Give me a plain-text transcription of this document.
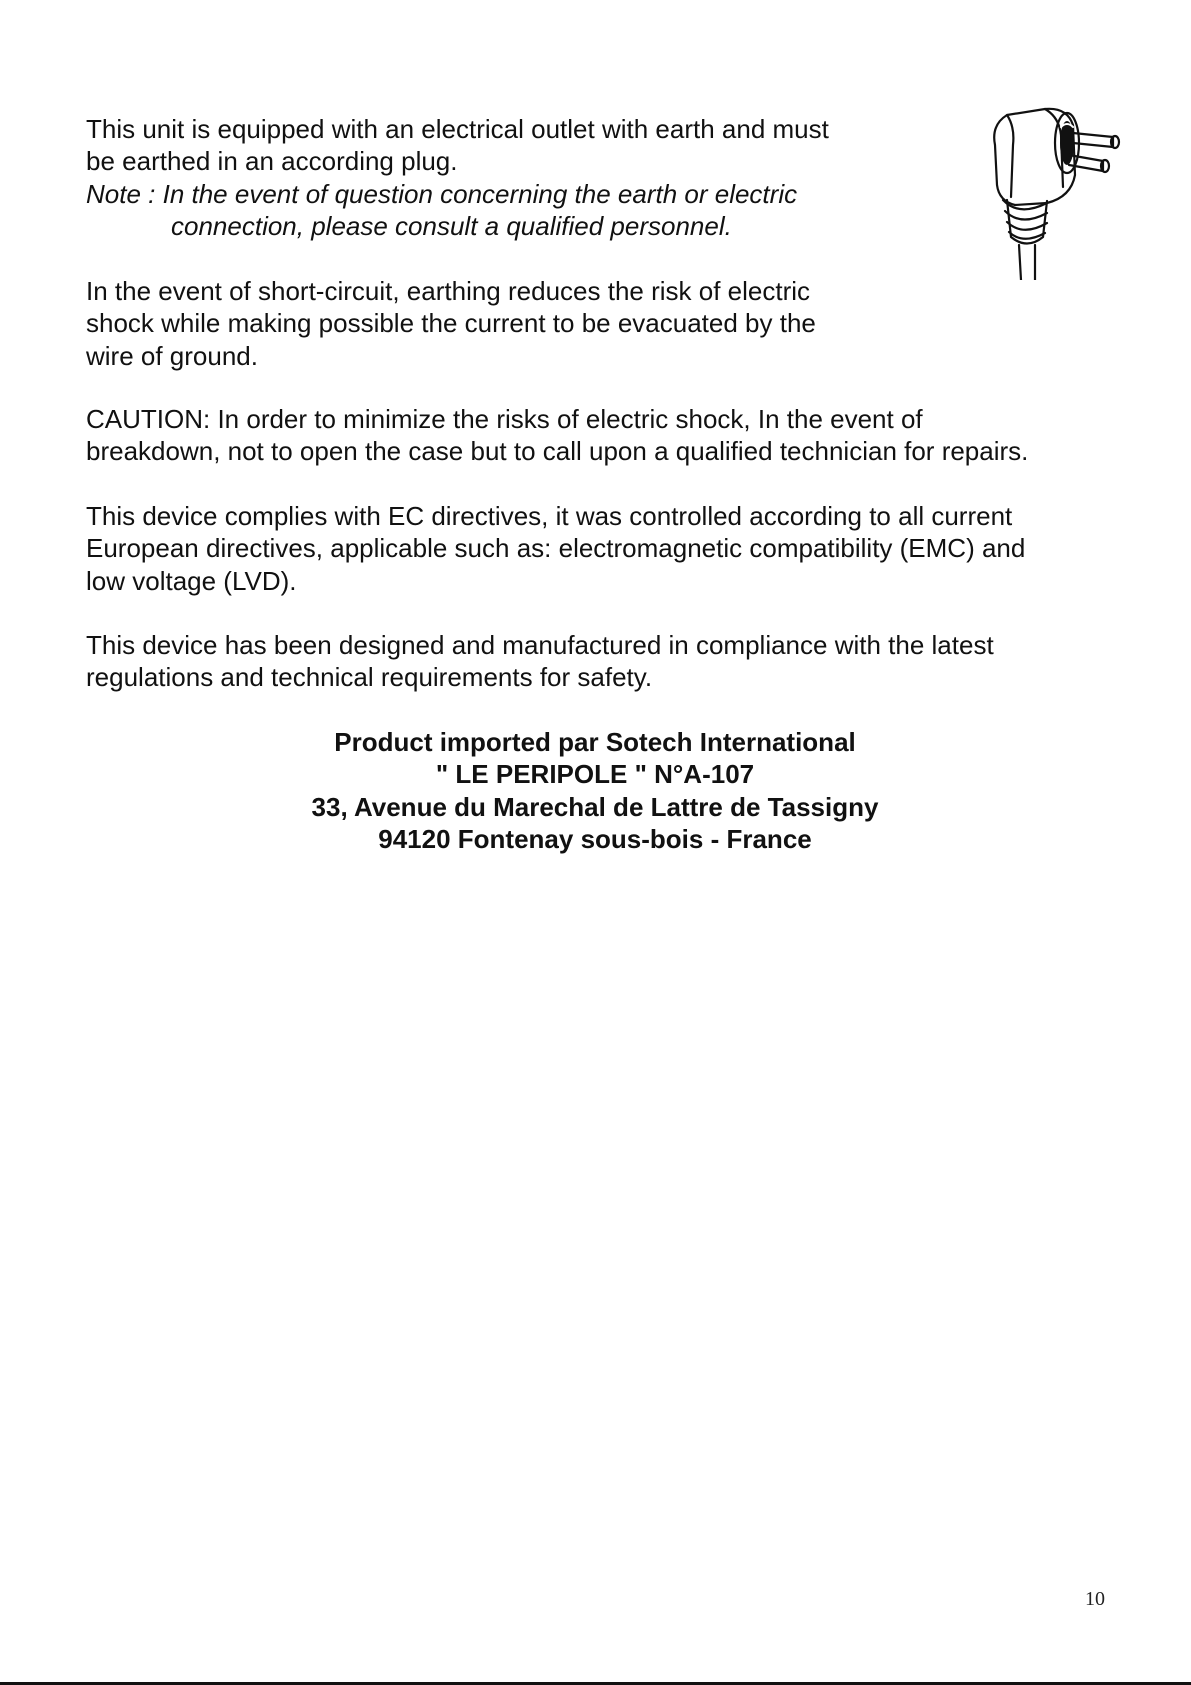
This unit is equipped with an electrical outlet with earth and must
be earthed in an according plug.
Note : In the event of question concerning the earth or electric
connection, please consult a qualified personnel.

In the event of short-circuit, earthing reduces the risk of electric
shock while making possible the current to be evacuated by the
wire of ground.

CAUTION: In order to minimize the risks of electric shock, In the event of
breakdown, not to open the case but to call upon a qualified technician for repairs.

This device complies with EC directives, it was controlled according to all current
European directives, applicable such as: electromagnetic compatibility (EMC) and
low voltage (LVD).

This device has been designed and manufactured in compliance with the latest
regulations and technical requirements for safety.

Product imported par Sotech International
" LE PERIPOLE " N°A-107
33, Avenue du Marechal de Lattre de Tassigny
94120 Fontenay sous-bois - France
10
